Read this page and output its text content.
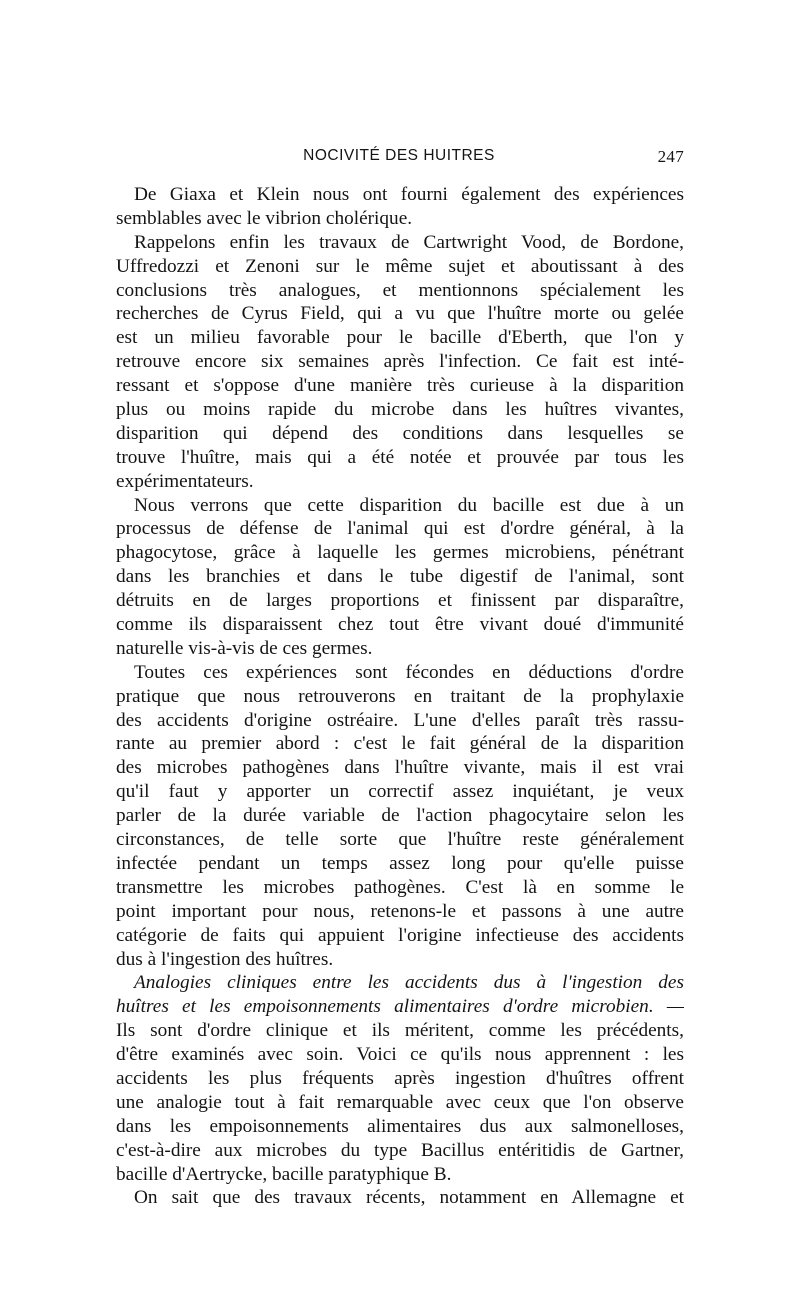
NOCIVITÉ DES HUITRES	247
De Giaxa et Klein nous ont fourni également des expériences
semblables avec le vibrion cholérique.
Rappelons enfin les travaux de Cartwright Vood, de Bordone,
Uffredozzi et Zenoni sur le même sujet et aboutissant à des
conclusions très analogues, et mentionnons spécialement les
recherches de Cyrus Field, qui a vu que l'huître morte ou gelée
est un milieu favorable pour le bacille d'Eberth, que l'on y
retrouve encore six semaines après l'infection. Ce fait est inté-
ressant et s'oppose d'une manière très curieuse à la disparition
plus ou moins rapide du microbe dans les huîtres vivantes,
disparition qui dépend des conditions dans lesquelles se
trouve l'huître, mais qui a été notée et prouvée par tous les
expérimentateurs.
Nous verrons que cette disparition du bacille est due à un
processus de défense de l'animal qui est d'ordre général, à la
phagocytose, grâce à laquelle les germes microbiens, pénétrant
dans les branchies et dans le tube digestif de l'animal, sont
détruits en de larges proportions et finissent par disparaître,
comme ils disparaissent chez tout être vivant doué d'immunité
naturelle vis-à-vis de ces germes.
Toutes ces expériences sont fécondes en déductions d'ordre
pratique que nous retrouverons en traitant de la prophylaxie
des accidents d'origine ostréaire. L'une d'elles paraît très rassu-
rante au premier abord : c'est le fait général de la disparition
des microbes pathogènes dans l'huître vivante, mais il est vrai
qu'il faut y apporter un correctif assez inquiétant, je veux
parler de la durée variable de l'action phagocytaire selon les
circonstances, de telle sorte que l'huître reste généralement
infectée pendant un temps assez long pour qu'elle puisse
transmettre les microbes pathogènes. C'est là en somme le
point important pour nous, retenons-le et passons à une autre
catégorie de faits qui appuient l'origine infectieuse des accidents
dus à l'ingestion des huîtres.
Analogies cliniques entre les accidents dus à l'ingestion des
huîtres et les empoisonnements alimentaires d'ordre microbien. —
Ils sont d'ordre clinique et ils méritent, comme les précédents,
d'être examinés avec soin. Voici ce qu'ils nous apprennent : les
accidents les plus fréquents après ingestion d'huîtres offrent
une analogie tout à fait remarquable avec ceux que l'on observe
dans les empoisonnements alimentaires dus aux salmonelloses,
c'est-à-dire aux microbes du type Bacillus entéritidis de Gartner,
bacille d'Aertrycke, bacille paratyphique B.
On sait que des travaux récents, notamment en Allemagne et
